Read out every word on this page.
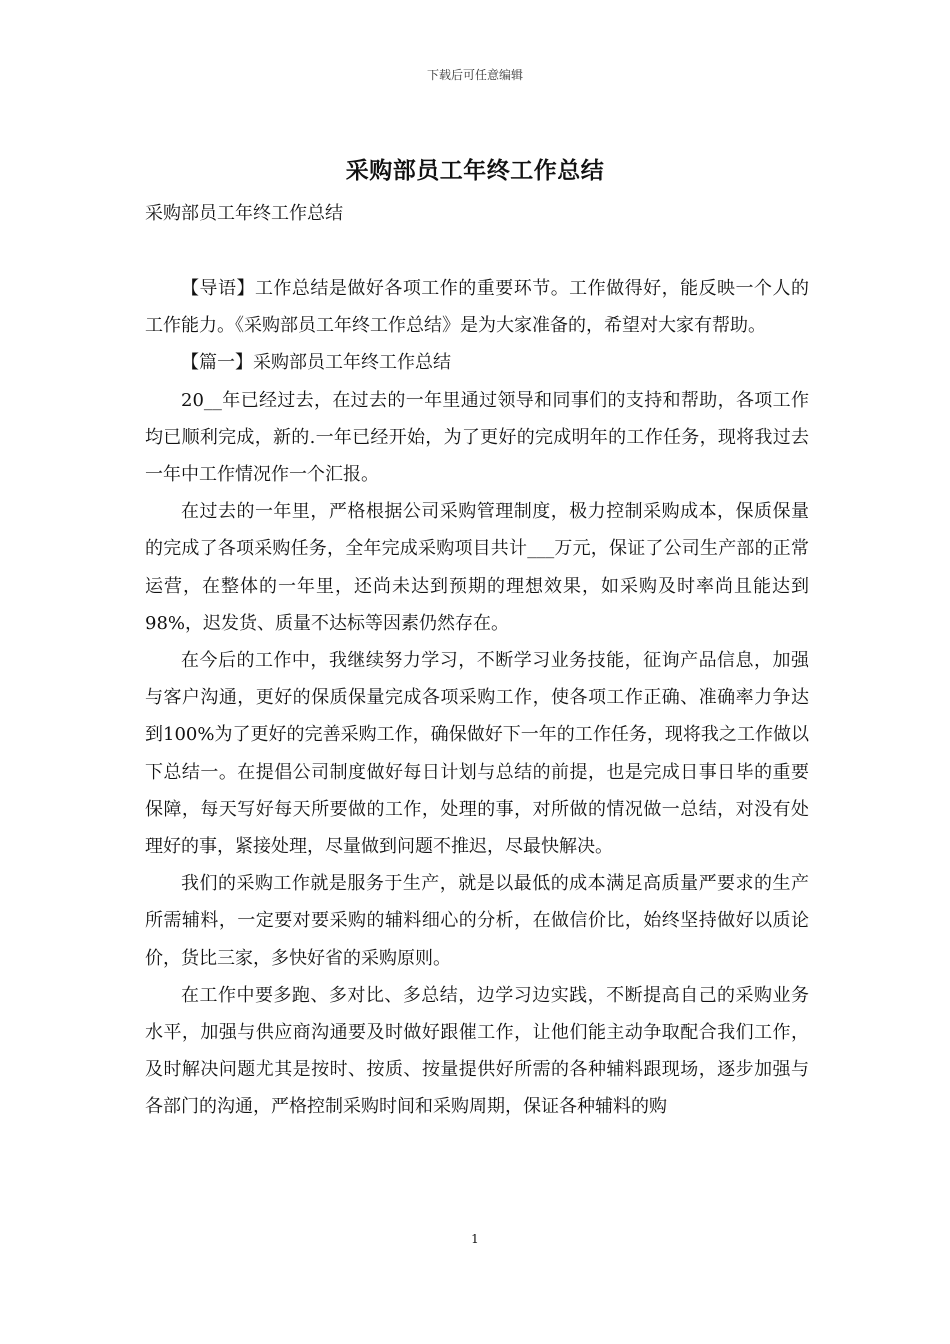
下载后可任意编辑
采购部员工年终工作总结
采购部员工年终工作总结

【导语】工作总结是做好各项工作的重要环节。工作做得好，能反映一个人的工作能力。《采购部员工年终工作总结》是为大家准备的，希望对大家有帮助。

【篇一】采购部员工年终工作总结

20__年已经过去，在过去的一年里通过领导和同事们的支持和帮助，各项工作均已顺利完成，新的.一年已经开始，为了更好的完成明年的工作任务，现将我过去一年中工作情况作一个汇报。

在过去的一年里，严格根据公司采购管理制度，极力控制采购成本，保质保量的完成了各项采购任务，全年完成采购项目共计___万元，保证了公司生产部的正常运营，在整体的一年里，还尚未达到预期的理想效果，如采购及时率尚且能达到98%，迟发货、质量不达标等因素仍然存在。

在今后的工作中，我继续努力学习，不断学习业务技能，征询产品信息，加强与客户沟通，更好的保质保量完成各项采购工作，使各项工作正确、准确率力争达到100%为了更好的完善采购工作，确保做好下一年的工作任务，现将我之工作做以下总结一。在提倡公司制度做好每日计划与总结的前提，也是完成日事日毕的重要保障，每天写好每天所要做的工作，处理的事，对所做的情况做一总结，对没有处理好的事，紧接处理，尽量做到问题不推迟，尽最快解决。

我们的采购工作就是服务于生产，就是以最低的成本满足高质量严要求的生产所需辅料，一定要对要采购的辅料细心的分析，在做信价比，始终坚持做好以质论价，货比三家，多快好省的采购原则。

在工作中要多跑、多对比、多总结，边学习边实践，不断提高自己的采购业务水平，加强与供应商沟通要及时做好跟催工作，让他们能主动争取配合我们工作，及时解决问题尤其是按时、按质、按量提供好所需的各种辅料跟现场，逐步加强与各部门的沟通，严格控制采购时间和采购周期，保证各种辅料的购

1
